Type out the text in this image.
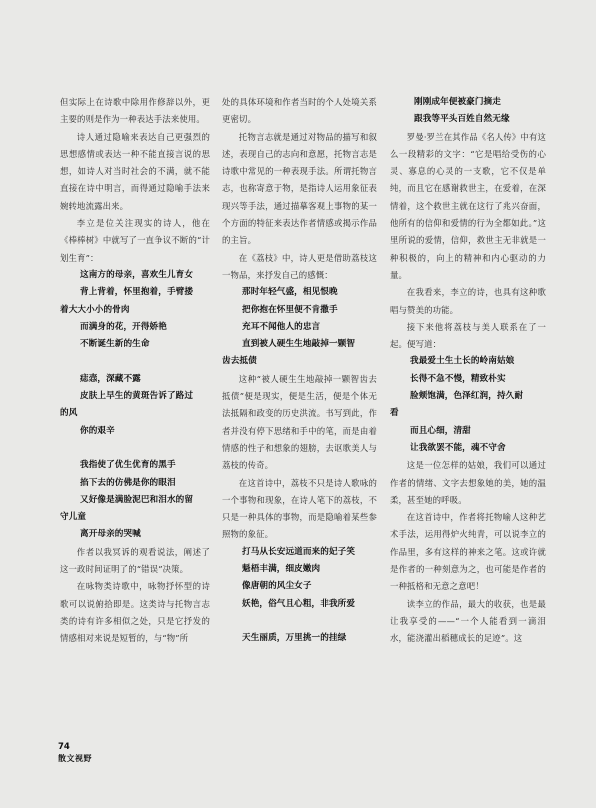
但实际上在诗歌中除用作修辞以外，更主要的则是作为一种表达手法来使用。

诗人通过隐喻来表达自己更强烈的思想感情或表达一种不能直接言说的思想，如诗人对当时社会的不满，就不能直接在诗中明言，而得通过隐喻手法来婉转地流露出来。

李立是位关注现实的诗人，他在《棒棒树》中就写了一直争议不断的“计划生育”：

这南方的母亲，喜欢生儿育女

背上背着，怀里抱着，手臂搂

着大大小小的骨肉

而满身的花，开得娇艳

不断诞生新的生命

痣悫，深藏不露

皮肤上早生的黄斑告诉了路过

的风

你的艰辛

我指使了优生优育的黑手

掐下去的仿佛是你的眼泪

又好像是满脸泥巴和泪水的留

守儿童

离开母亲的哭喊

作者以我冥诉的观看说法，阐述了这一政时间证明了的“错误”决策。

在咏物类诗歌中，咏物抒怀型的诗歌可以说俯拾即是。这类诗与托物言志类的诗有许多相似之处，只是它抒发的情感相对来说是短暂的，与“物”所

处的具体环境和作者当时的个人处境关系更密切。

托物言志就是通过对物品的描写和叙述，表现自己的志向和意愿，托物言志是诗歌中常见的一种表现手法。所谓托物言志，也称寄意于物，是指诗人运用象征表现兴等手法，通过描摹客观上事物的某一个方面的特征来表达作者情感或揭示作品的主旨。

在《荔枝》中，诗人更是借助荔枝这一物品，来抒发自己的感慨：

那时年轻气盛，相见恨晚

把你抱在怀里便不肯撒手

充耳不闻他人的忠言

直到被人硬生生地敲掉一颗智

齿去抵债

这种“被人硬生生地敲掉一颗智齿去抵债”便是现实，便是生活，便是个体无法抵隔和政变的历史洪流。书写到此，作者并没有停下思绪和手中的笔，而是由着情感的性子和想象的翅膀，去讴歌美人与荔枝的传奇。

在这首诗中，荔枝不只是诗人歌咏的一个事物和现象，在诗人笔下的荔枝，不只是一种具体的事物，而是隐喻着某些参照物的象征。

打马从长安远道而来的妃子笑

魁梧丰满，细皮嫩肉

像唐朝的风尘女子

妖艳，俗气且心粗，非我所爱

天生丽质，万里挑一的挂绿

刚刚成年便被豪门摘走

跟我等平头百姓自然无缘

罗曼·罗兰在其作品《名人传》中有这么一段精彩的文字：“它是唱给受伤的心灵、寡息的心灵的一支歌，它不仅是单纯，而且它在感谢救世主，在爱着，在深情着，这个救世主就在这行了兆兴奋面，他所有的信仰和爱情的行为全都如此。”这里所说的爱情，信仰，救世主无非就是一种积极的，向上的精神和内心驱动的力量。

在我看来，李立的诗，也具有这种歌唱与赞美的功能。

接下来他将荔枝与美人联系在了一起。便写道：

我最爱土生土长的岭南姑娘

长得不急不慢，精致朴实

脸颊饱满，色泽红润，持久耐

看

而且心细，清甜

让我欲罢不能，魂不守舍

这是一位怎样的姑娘，我们可以通过作者的情绪、文字去想象她的美，她的温柔，甚至她的呼吸。

在这首诗中，作者将托物喻人这种艺术手法，运用得炉火纯青，可以说李立的作品里，多有这样的神来之笔。这或许就是作者的一种刻意为之，也可能是作者的一种抵格和无意之意吧！

读李立的作品，最大的收获，也是最让我享受的——“一个人能看到一滴泪水，能浇灌出稻穗成长的足迹”。这

74
散文视野
